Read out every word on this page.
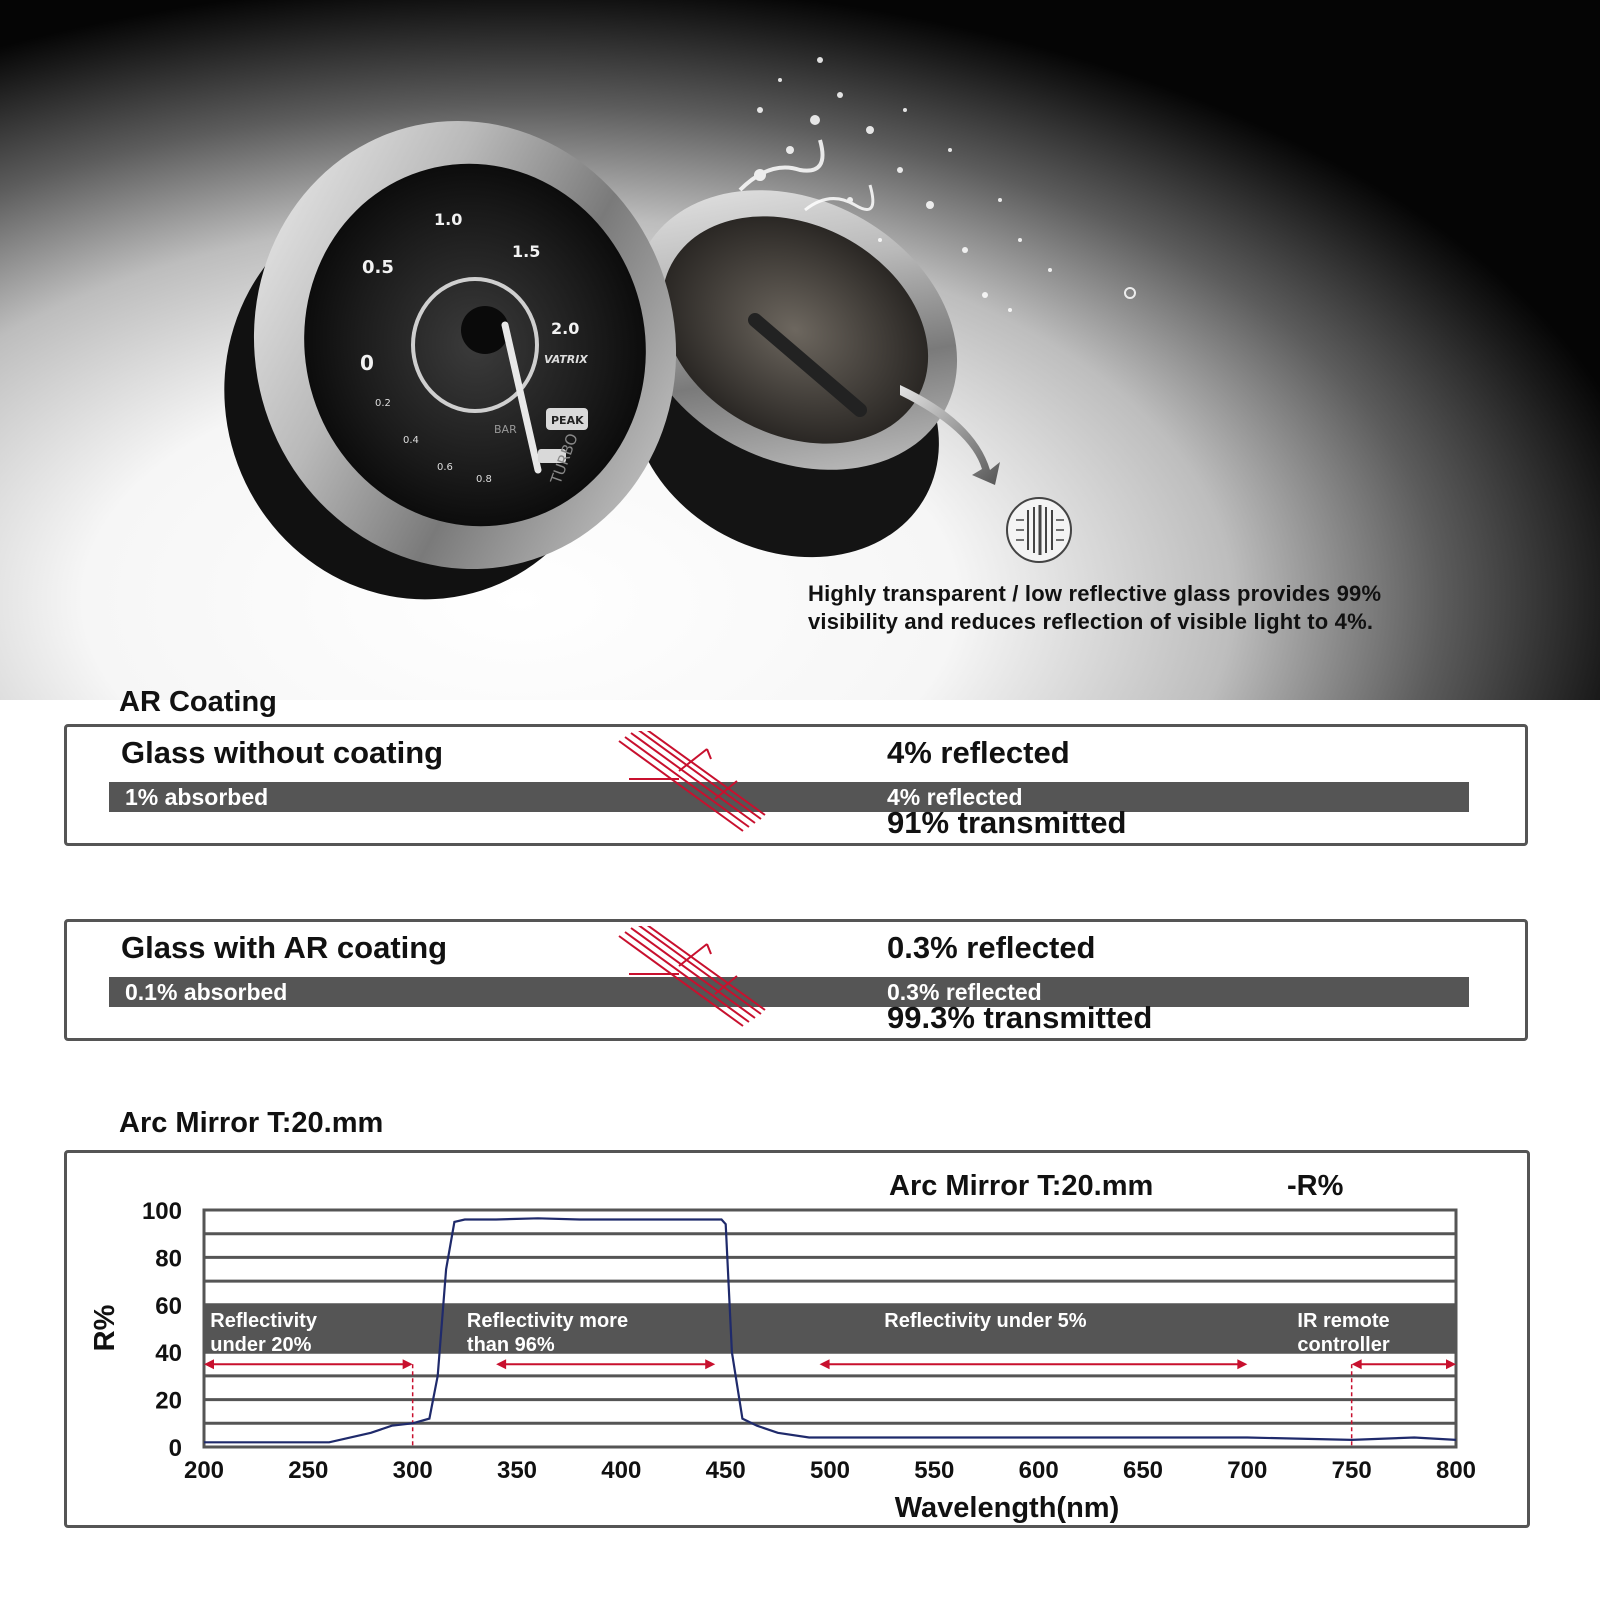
0
0.5
1.0
1.5
2.0
0.2
0.4
0.6
0.8
VATRIX
BAR
PEAK
TURBO
Highly transparent / low reflective glass provides 99%
visibility and reduces reflection of visible light to 4%.
AR Coating
Glass without coating	4% reflected
1% absorbed	4% reflected
91% transmitted
Glass with AR coating	0.3% reflected
0.1% absorbed	0.3% reflected
99.3% transmitted
Arc Mirror T:20.mm
Arc Mirror T:20.mm	-R%
Reflectivity
under 20%
Reflectivity more
than 96%
Reflectivity under 5%	IR remote
controller
0
20
40
60
80
100
200	250	300	350	400	450	500	550	600	650	700	750	800
Wavelength(nm)
R%
